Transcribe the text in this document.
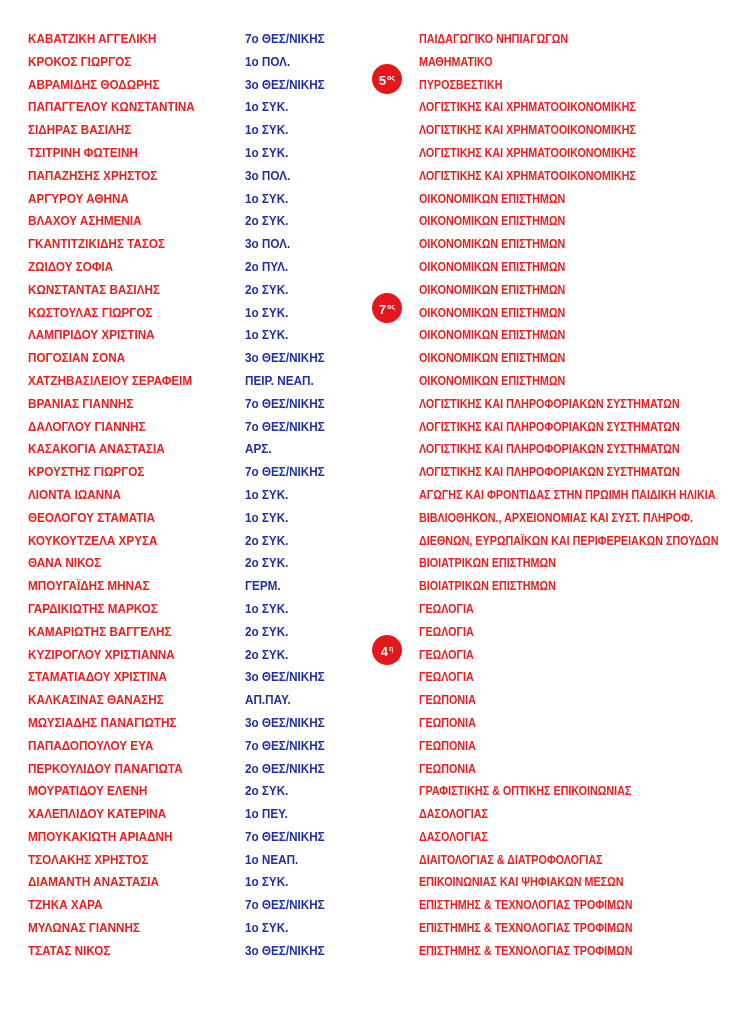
ΚΑΒΑΤΖΙΚΗ ΑΓΓΕΛΙΚΗ	7ο ΘΕΣ/ΝΙΚΗΣ	ΠΑΙΔΑΓΩΓΙΚΟ ΝΗΠΙΑΓΩΓΩΝ
ΚΡΟΚΟΣ ΓΙΩΡΓΟΣ	1ο ΠΟΛ.	ΜΑΘΗΜΑΤΙΚΟ
ΑΒΡΑΜΙΔΗΣ ΘΟΔΩΡΗΣ	3ο ΘΕΣ/ΝΙΚΗΣ	ΠΥΡΟΣΒΕΣΤΙΚΗ
ΠΑΠΑΓΓΕΛΟΥ ΚΩΝΣΤΑΝΤΙΝΑ	1ο ΣΥΚ.	ΛΟΓΙΣΤΙΚΗΣ ΚΑΙ ΧΡΗΜΑΤΟΟΙΚΟΝΟΜΙΚΗΣ
ΣΙΔΗΡΑΣ ΒΑΣΙΛΗΣ	1ο ΣΥΚ.	ΛΟΓΙΣΤΙΚΗΣ ΚΑΙ ΧΡΗΜΑΤΟΟΙΚΟΝΟΜΙΚΗΣ
ΤΣΙΤΡΙΝΗ ΦΩΤΕΙΝΗ	1ο ΣΥΚ.	ΛΟΓΙΣΤΙΚΗΣ ΚΑΙ ΧΡΗΜΑΤΟΟΙΚΟΝΟΜΙΚΗΣ
ΠΑΠΑΖΗΣΗΣ ΧΡΗΣΤΟΣ	3ο ΠΟΛ.	ΛΟΓΙΣΤΙΚΗΣ ΚΑΙ ΧΡΗΜΑΤΟΟΙΚΟΝΟΜΙΚΗΣ
ΑΡΓΥΡΟΥ ΑΘΗΝΑ	1ο ΣΥΚ.	ΟΙΚΟΝΟΜΙΚΩΝ ΕΠΙΣΤΗΜΩΝ
ΒΛΑΧΟΥ ΑΣΗΜΕΝΙΑ	2ο ΣΥΚ.	ΟΙΚΟΝΟΜΙΚΩΝ ΕΠΙΣΤΗΜΩΝ
ΓΚΑΝΤΙΤΖΙΚΙΔΗΣ ΤΑΣΟΣ	3ο ΠΟΛ.	ΟΙΚΟΝΟΜΙΚΩΝ ΕΠΙΣΤΗΜΩΝ
ΖΩΙΔΟΥ ΣΟΦΙΑ	2ο ΠΥΛ.	ΟΙΚΟΝΟΜΙΚΩΝ ΕΠΙΣΤΗΜΩΝ
ΚΩΝΣΤΑΝΤΑΣ ΒΑΣΙΛΗΣ	2ο ΣΥΚ.	ΟΙΚΟΝΟΜΙΚΩΝ ΕΠΙΣΤΗΜΩΝ
ΚΩΣΤΟΥΛΑΣ ΓΙΩΡΓΟΣ	1ο ΣΥΚ.	ΟΙΚΟΝΟΜΙΚΩΝ ΕΠΙΣΤΗΜΩΝ
ΛΑΜΠΡΙΔΟΥ ΧΡΙΣΤΙΝΑ	1ο ΣΥΚ.	ΟΙΚΟΝΟΜΙΚΩΝ ΕΠΙΣΤΗΜΩΝ
ΠΟΓΟΣΙΑΝ ΣΟΝΑ	3ο ΘΕΣ/ΝΙΚΗΣ	ΟΙΚΟΝΟΜΙΚΩΝ ΕΠΙΣΤΗΜΩΝ
ΧΑΤΖΗΒΑΣΙΛΕΙΟΥ ΣΕΡΑΦΕΙΜ	ΠΕΙΡ. ΝΕΑΠ.	ΟΙΚΟΝΟΜΙΚΩΝ ΕΠΙΣΤΗΜΩΝ
ΒΡΑΝΙΑΣ ΓΙΑΝΝΗΣ	7ο ΘΕΣ/ΝΙΚΗΣ	ΛΟΓΙΣΤΙΚΗΣ ΚΑΙ ΠΛΗΡΟΦΟΡΙΑΚΩΝ ΣΥΣΤΗΜΑΤΩΝ
ΔΑΛΟΓΛΟΥ ΓΙΑΝΝΗΣ	7ο ΘΕΣ/ΝΙΚΗΣ	ΛΟΓΙΣΤΙΚΗΣ ΚΑΙ ΠΛΗΡΟΦΟΡΙΑΚΩΝ ΣΥΣΤΗΜΑΤΩΝ
ΚΑΣΑΚΟΓΙΑ ΑΝΑΣΤΑΣΙΑ	ΑΡΣ.	ΛΟΓΙΣΤΙΚΗΣ ΚΑΙ ΠΛΗΡΟΦΟΡΙΑΚΩΝ ΣΥΣΤΗΜΑΤΩΝ
ΚΡΟΥΣΤΗΣ ΓΙΩΡΓΟΣ	7ο ΘΕΣ/ΝΙΚΗΣ	ΛΟΓΙΣΤΙΚΗΣ ΚΑΙ ΠΛΗΡΟΦΟΡΙΑΚΩΝ ΣΥΣΤΗΜΑΤΩΝ
ΛΙΟΝΤΑ ΙΩΑΝΝΑ	1ο ΣΥΚ.	ΑΓΩΓΗΣ ΚΑΙ ΦΡΟΝΤΙΔΑΣ ΣΤΗΝ ΠΡΩΙΜΗ ΠΑΙΔΙΚΗ ΗΛΙΚΙΑ
ΘΕΟΛΟΓΟΥ ΣΤΑΜΑΤΙΑ	1ο ΣΥΚ.	ΒΙΒΛΙΟΘΗΚΟΝ., ΑΡΧΕΙΟΝΟΜΙΑΣ ΚΑΙ ΣΥΣΤ. ΠΛΗΡΟΦ.
ΚΟΥΚΟΥΤΖΕΛΑ ΧΡΥΣΑ	2ο ΣΥΚ.	ΔΙΕΘΝΩΝ, ΕΥΡΩΠΑΪΚΩΝ ΚΑΙ ΠΕΡΙΦΕΡΕΙΑΚΩΝ ΣΠΟΥΔΩΝ
ΘΑΝΑ ΝΙΚΟΣ	2ο ΣΥΚ.	ΒΙΟΙΑΤΡΙΚΩΝ ΕΠΙΣΤΗΜΩΝ
ΜΠΟΥΓΑΪΔΗΣ ΜΗΝΑΣ	ΓΕΡΜ.	ΒΙΟΙΑΤΡΙΚΩΝ ΕΠΙΣΤΗΜΩΝ
ΓΑΡΔΙΚΙΩΤΗΣ ΜΑΡΚΟΣ	1ο ΣΥΚ.	ΓΕΩΛΟΓΙΑ
ΚΑΜΑΡΙΩΤΗΣ ΒΑΓΓΕΛΗΣ	2ο ΣΥΚ.	ΓΕΩΛΟΓΙΑ
ΚΥΖΙΡΟΓΛΟΥ ΧΡΙΣΤΙΑΝΝΑ	2ο ΣΥΚ.	ΓΕΩΛΟΓΙΑ
ΣΤΑΜΑΤΙΑΔΟΥ ΧΡΙΣΤΙΝΑ	3ο ΘΕΣ/ΝΙΚΗΣ	ΓΕΩΛΟΓΙΑ
ΚΑΛΚΑΣΙΝΑΣ ΘΑΝΑΣΗΣ	ΑΠ.ΠΑΥ.	ΓΕΩΠΟΝΙΑ
ΜΩΥΣΙΑΔΗΣ ΠΑΝΑΓΙΩΤΗΣ	3ο ΘΕΣ/ΝΙΚΗΣ	ΓΕΩΠΟΝΙΑ
ΠΑΠΑΔΟΠΟΥΛΟΥ ΕΥΑ	7ο ΘΕΣ/ΝΙΚΗΣ	ΓΕΩΠΟΝΙΑ
ΠΕΡΚΟΥΛΙΔΟΥ ΠΑΝΑΓΙΩΤΑ	2ο ΘΕΣ/ΝΙΚΗΣ	ΓΕΩΠΟΝΙΑ
ΜΟΥΡΑΤΙΔΟΥ ΕΛΕΝΗ	2ο ΣΥΚ.	ΓΡΑΦΙΣΤΙΚΗΣ & ΟΠΤΙΚΗΣ ΕΠΙΚΟΙΝΩΝΙΑΣ
ΧΑΛΕΠΛΙΔΟΥ ΚΑΤΕΡΙΝΑ	1ο ΠΕΥ.	ΔΑΣΟΛΟΓΙΑΣ
ΜΠΟΥΚΑΚΙΩΤΗ ΑΡΙΑΔΝΗ	7ο ΘΕΣ/ΝΙΚΗΣ	ΔΑΣΟΛΟΓΙΑΣ
ΤΣΟΛΑΚΗΣ ΧΡΗΣΤΟΣ	1ο ΝΕΑΠ.	ΔΙΑΙΤΟΛΟΓΙΑΣ & ΔΙΑΤΡΟΦΟΛΟΓΙΑΣ
ΔΙΑΜΑΝΤΗ ΑΝΑΣΤΑΣΙΑ	1ο ΣΥΚ.	ΕΠΙΚΟΙΝΩΝΙΑΣ ΚΑΙ ΨΗΦΙΑΚΩΝ ΜΕΣΩΝ
ΤΖΗΚΑ ΧΑΡΑ	7ο ΘΕΣ/ΝΙΚΗΣ	ΕΠΙΣΤΗΜΗΣ & ΤΕΧΝΟΛΟΓΙΑΣ ΤΡΟΦΙΜΩΝ
ΜΥΛΩΝΑΣ ΓΙΑΝΝΗΣ	1ο ΣΥΚ.	ΕΠΙΣΤΗΜΗΣ & ΤΕΧΝΟΛΟΓΙΑΣ ΤΡΟΦΙΜΩΝ
ΤΣΑΤΑΣ ΝΙΚΟΣ	3ο ΘΕΣ/ΝΙΚΗΣ	ΕΠΙΣΤΗΜΗΣ & ΤΕΧΝΟΛΟΓΙΑΣ ΤΡΟΦΙΜΩΝ
$5^{o\varsigma}$
$7^{o\varsigma}$
$4^\eta$
